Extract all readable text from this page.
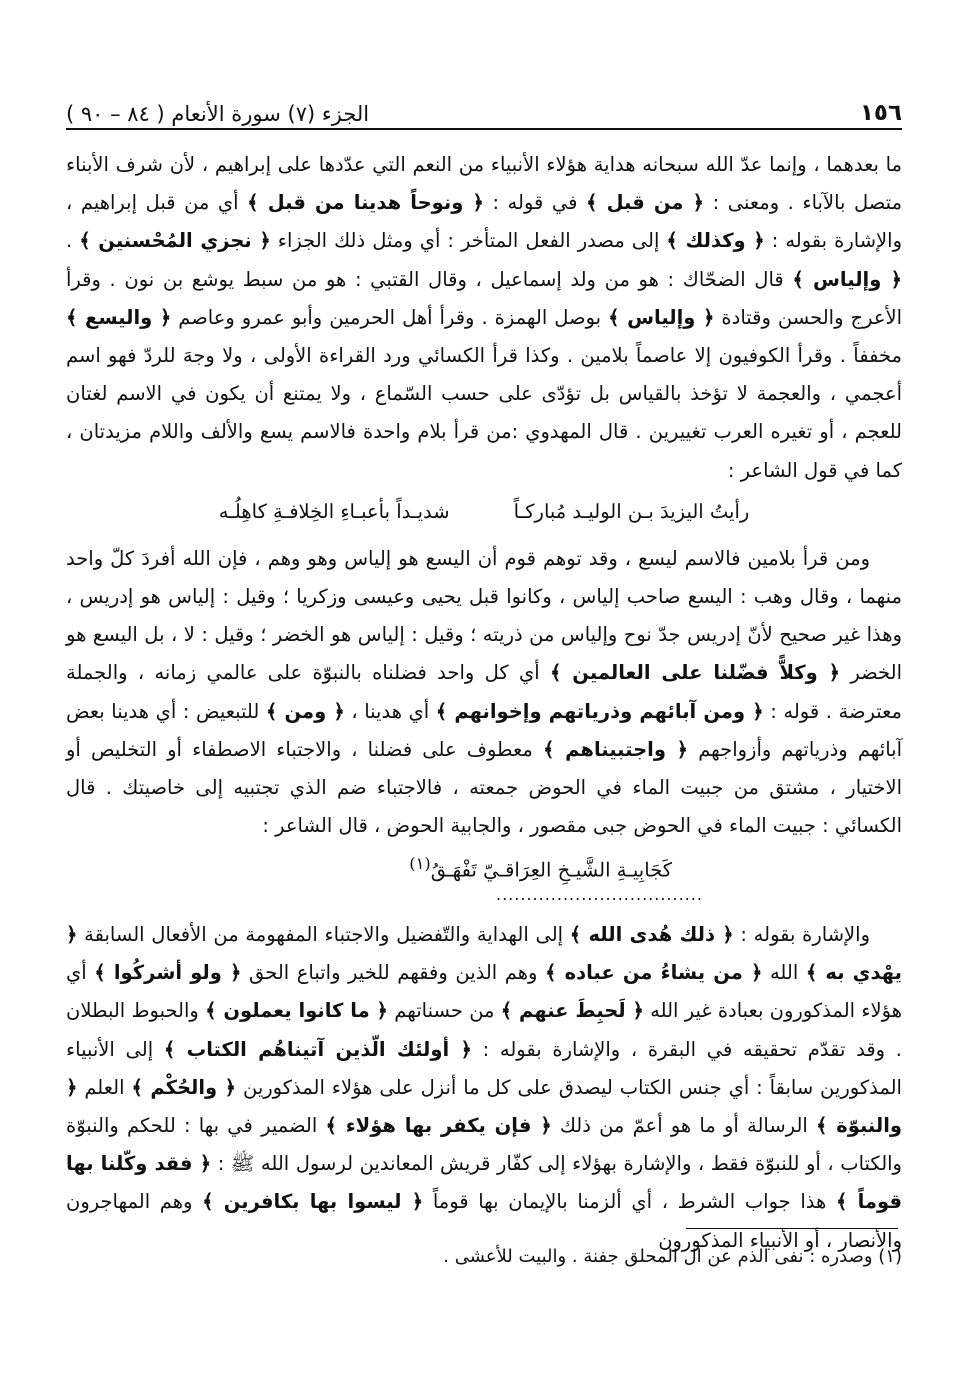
١٥٦
الجزء (٧) سورة الأنعام ( ٨٤ – ٩٠ )

ما بعدهما ، وإنما عدّ الله سبحانه هداية هؤلاء الأنبياء من النعم التي عدّدها على إبراهيم ، لأن شرف الأبناء متصل بالآباء . ومعنى : ﴿ من قبل ﴾ في قوله : ﴿ ونوحاً هدينا من قبل ﴾ أي من قبل إبراهيم ، والإشارة بقوله : ﴿ وكذلك ﴾ إلى مصدر الفعل المتأخر : أي ومثل ذلك الجزاء ﴿ نجزي المُحْسنين ﴾ . ﴿ وإلياس ﴾ قال الضحّاك : هو من ولد إسماعيل ، وقال القتبي : هو من سبط يوشع بن نون . وقرأ الأعرج والحسن وقتادة ﴿ وإلياس ﴾ بوصل الهمزة . وقرأ أهل الحرمين وأبو عمرو وعاصم ﴿ واليسع ﴾ مخففاً . وقرأ الكوفيون إلا عاصماً بلامين . وكذا قرأ الكسائي ورد القراءة الأولى ، ولا وجهَ للردّ فهو اسم أعجمي ، والعجمة لا تؤخذ بالقياس بل تؤدّى على حسب السّماع ، ولا يمتنع أن يكون في الاسم لغتان للعجم ، أو تغيره العرب تغييرين . قال المهدوي :من قرأ بلام واحدة فالاسم يسع والألف واللام مزيدتان ، كما في قول الشاعر :

رأيتُ اليزيدَ بـن الوليـد مُباركـاً
شديـداً بأعبـاءِ الخِلافـةِ كاهِلُـه

ومن قرأ بلامين فالاسم ليسع ، وقد توهم قوم أن اليسع هو إلياس وهو وهم ، فإن الله أفردَ كلّ واحد منهما ، وقال وهب : اليسع صاحب إلياس ، وكانوا قبل يحيى وعيسى وزكريا ؛ وقيل : إلياس هو إدريس ، وهذا غير صحيح لأنّ إدريس جدّ نوح وإلياس من ذريته ؛ وقيل : إلياس هو الخضر ؛ وقيل : لا ، بل اليسع هو الخضر ﴿ وكلاًّ فضّلنا على العالمين ﴾ أي كل واحد فضلناه بالنبوّة على عالمي زمانه ، والجملة معترضة . قوله : ﴿ ومن آبائهم وذرياتهم وإخوانهم ﴾ أي هدينا ، ﴿ ومن ﴾ للتبعيض : أي هدينا بعض آبائهم وذرياتهم وأزواجهم ﴿ واجتبيناهم ﴾ معطوف على فضلنا ، والاجتباء الاصطفاء أو التخليص أو الاختيار ، مشتق من جبيت الماء في الحوض جمعته ، فالاجتباء ضم الذي تجتبيه إلى خاصيتك . قال الكسائي : جبيت الماء في الحوض جبى مقصور ، والجابية الحوض ، قال الشاعر :

كَجَابِيـةِ الشَّيـخِ العِرَاقـيّ تَفْهَـقُ$^{(١)}$

..................................

والإشارة بقوله : ﴿ ذلك هُدى الله ﴾ إلى الهداية والتّفضيل والاجتباء المفهومة من الأفعال السابقة ﴿ يهْدي به ﴾ الله ﴿ من يشاءُ من عباده ﴾ وهم الذين وفقهم للخير واتباع الحق ﴿ ولو أشركُوا ﴾ أي هؤلاء المذكورون بعبادة غير الله ﴿ لَحبِطَ عنهم ﴾ من حسناتهم ﴿ ما كانوا يعملون ﴾ والحبوط البطلان . وقد تقدّم تحقيقه في البقرة ، والإشارة بقوله : ﴿ أولئك الّذين آتيناهُم الكتاب ﴾ إلى الأنبياء المذكورين سابقاً : أي جنس الكتاب ليصدق على كل ما أنزل على هؤلاء المذكورين ﴿ والحُكْم ﴾ العلم ﴿ والنبوّة ﴾ الرسالة أو ما هو أعمّ من ذلك ﴿ فإن يكفر بها هؤلاء ﴾ الضمير في بها : للحكم والنبوّة والكتاب ، أو للنبوّة فقط ، والإشارة بهؤلاء إلى كفّار قريش المعاندين لرسول الله ﷺ : ﴿ فقد وكّلنا بها قوماً ﴾ هذا جواب الشرط ، أي ألزمنا بالإيمان بها قوماً ﴿ ليسوا بها بكافرين ﴾ وهم المهاجرون والأنصار ، أو الأنبياء المذكورون

(١) وصدره : نفى الذم عن آل المحلق جفنة . والبيت للأعشى .
